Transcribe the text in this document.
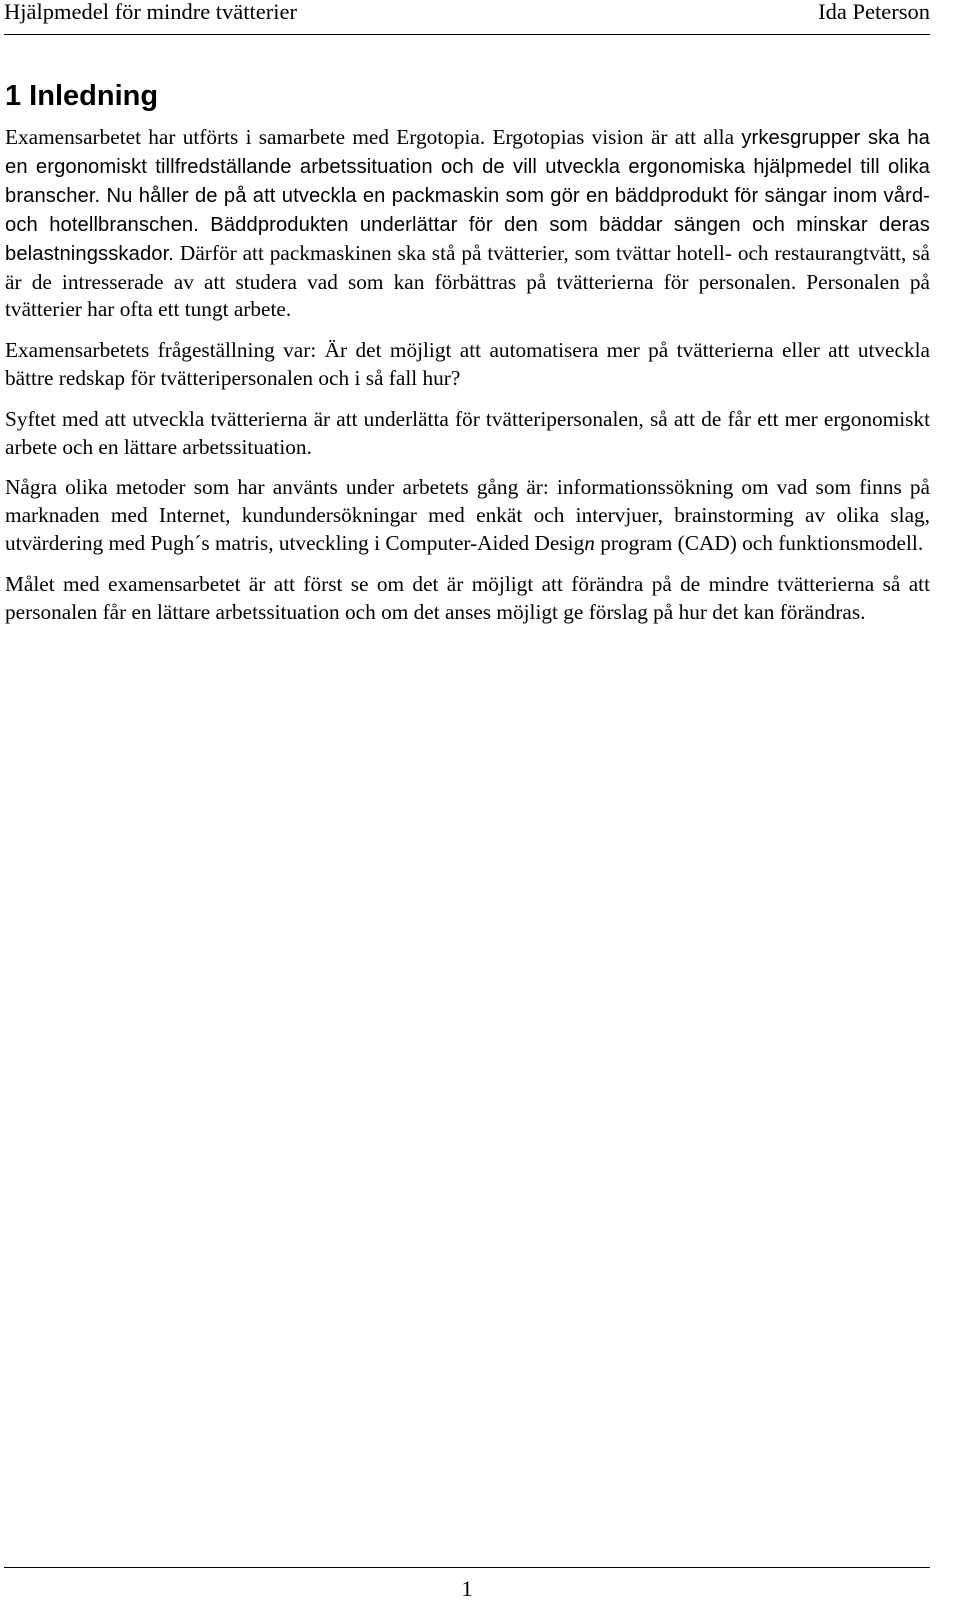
Hjälpmedel för mindre tvätterier	Ida Peterson
1 Inledning

Examensarbetet har utförts i samarbete med Ergotopia. Ergotopias vision är att alla yrkesgrupper ska ha en ergonomiskt tillfredställande arbetssituation och de vill utveckla ergonomiska hjälpmedel till olika branscher. Nu håller de på att utveckla en packmaskin som gör en bäddprodukt för sängar inom vård- och hotellbranschen. Bäddprodukten underlättar för den som bäddar sängen och minskar deras belastningsskador. Därför att packmaskinen ska stå på tvätterier, som tvättar hotell- och restaurangtvätt, så är de intresserade av att studera vad som kan förbättras på tvätterierna för personalen. Personalen på tvätterier har ofta ett tungt arbete.

Examensarbetets frågeställning var: Är det möjligt att automatisera mer på tvätterierna eller att utveckla bättre redskap för tvätteripersonalen och i så fall hur?

Syftet med att utveckla tvätterierna är att underlätta för tvätteripersonalen, så att de får ett mer ergonomiskt arbete och en lättare arbetssituation.

Några olika metoder som har använts under arbetets gång är: informationssökning om vad som finns på marknaden med Internet, kundundersökningar med enkät och intervjuer, brainstorming av olika slag, utvärdering med Pugh´s matris, utveckling i Computer-Aided Design program (CAD) och funktionsmodell.

Målet med examensarbetet är att först se om det är möjligt att förändra på de mindre tvätterierna så att personalen får en lättare arbetssituation och om det anses möjligt ge förslag på hur det kan förändras.

1
